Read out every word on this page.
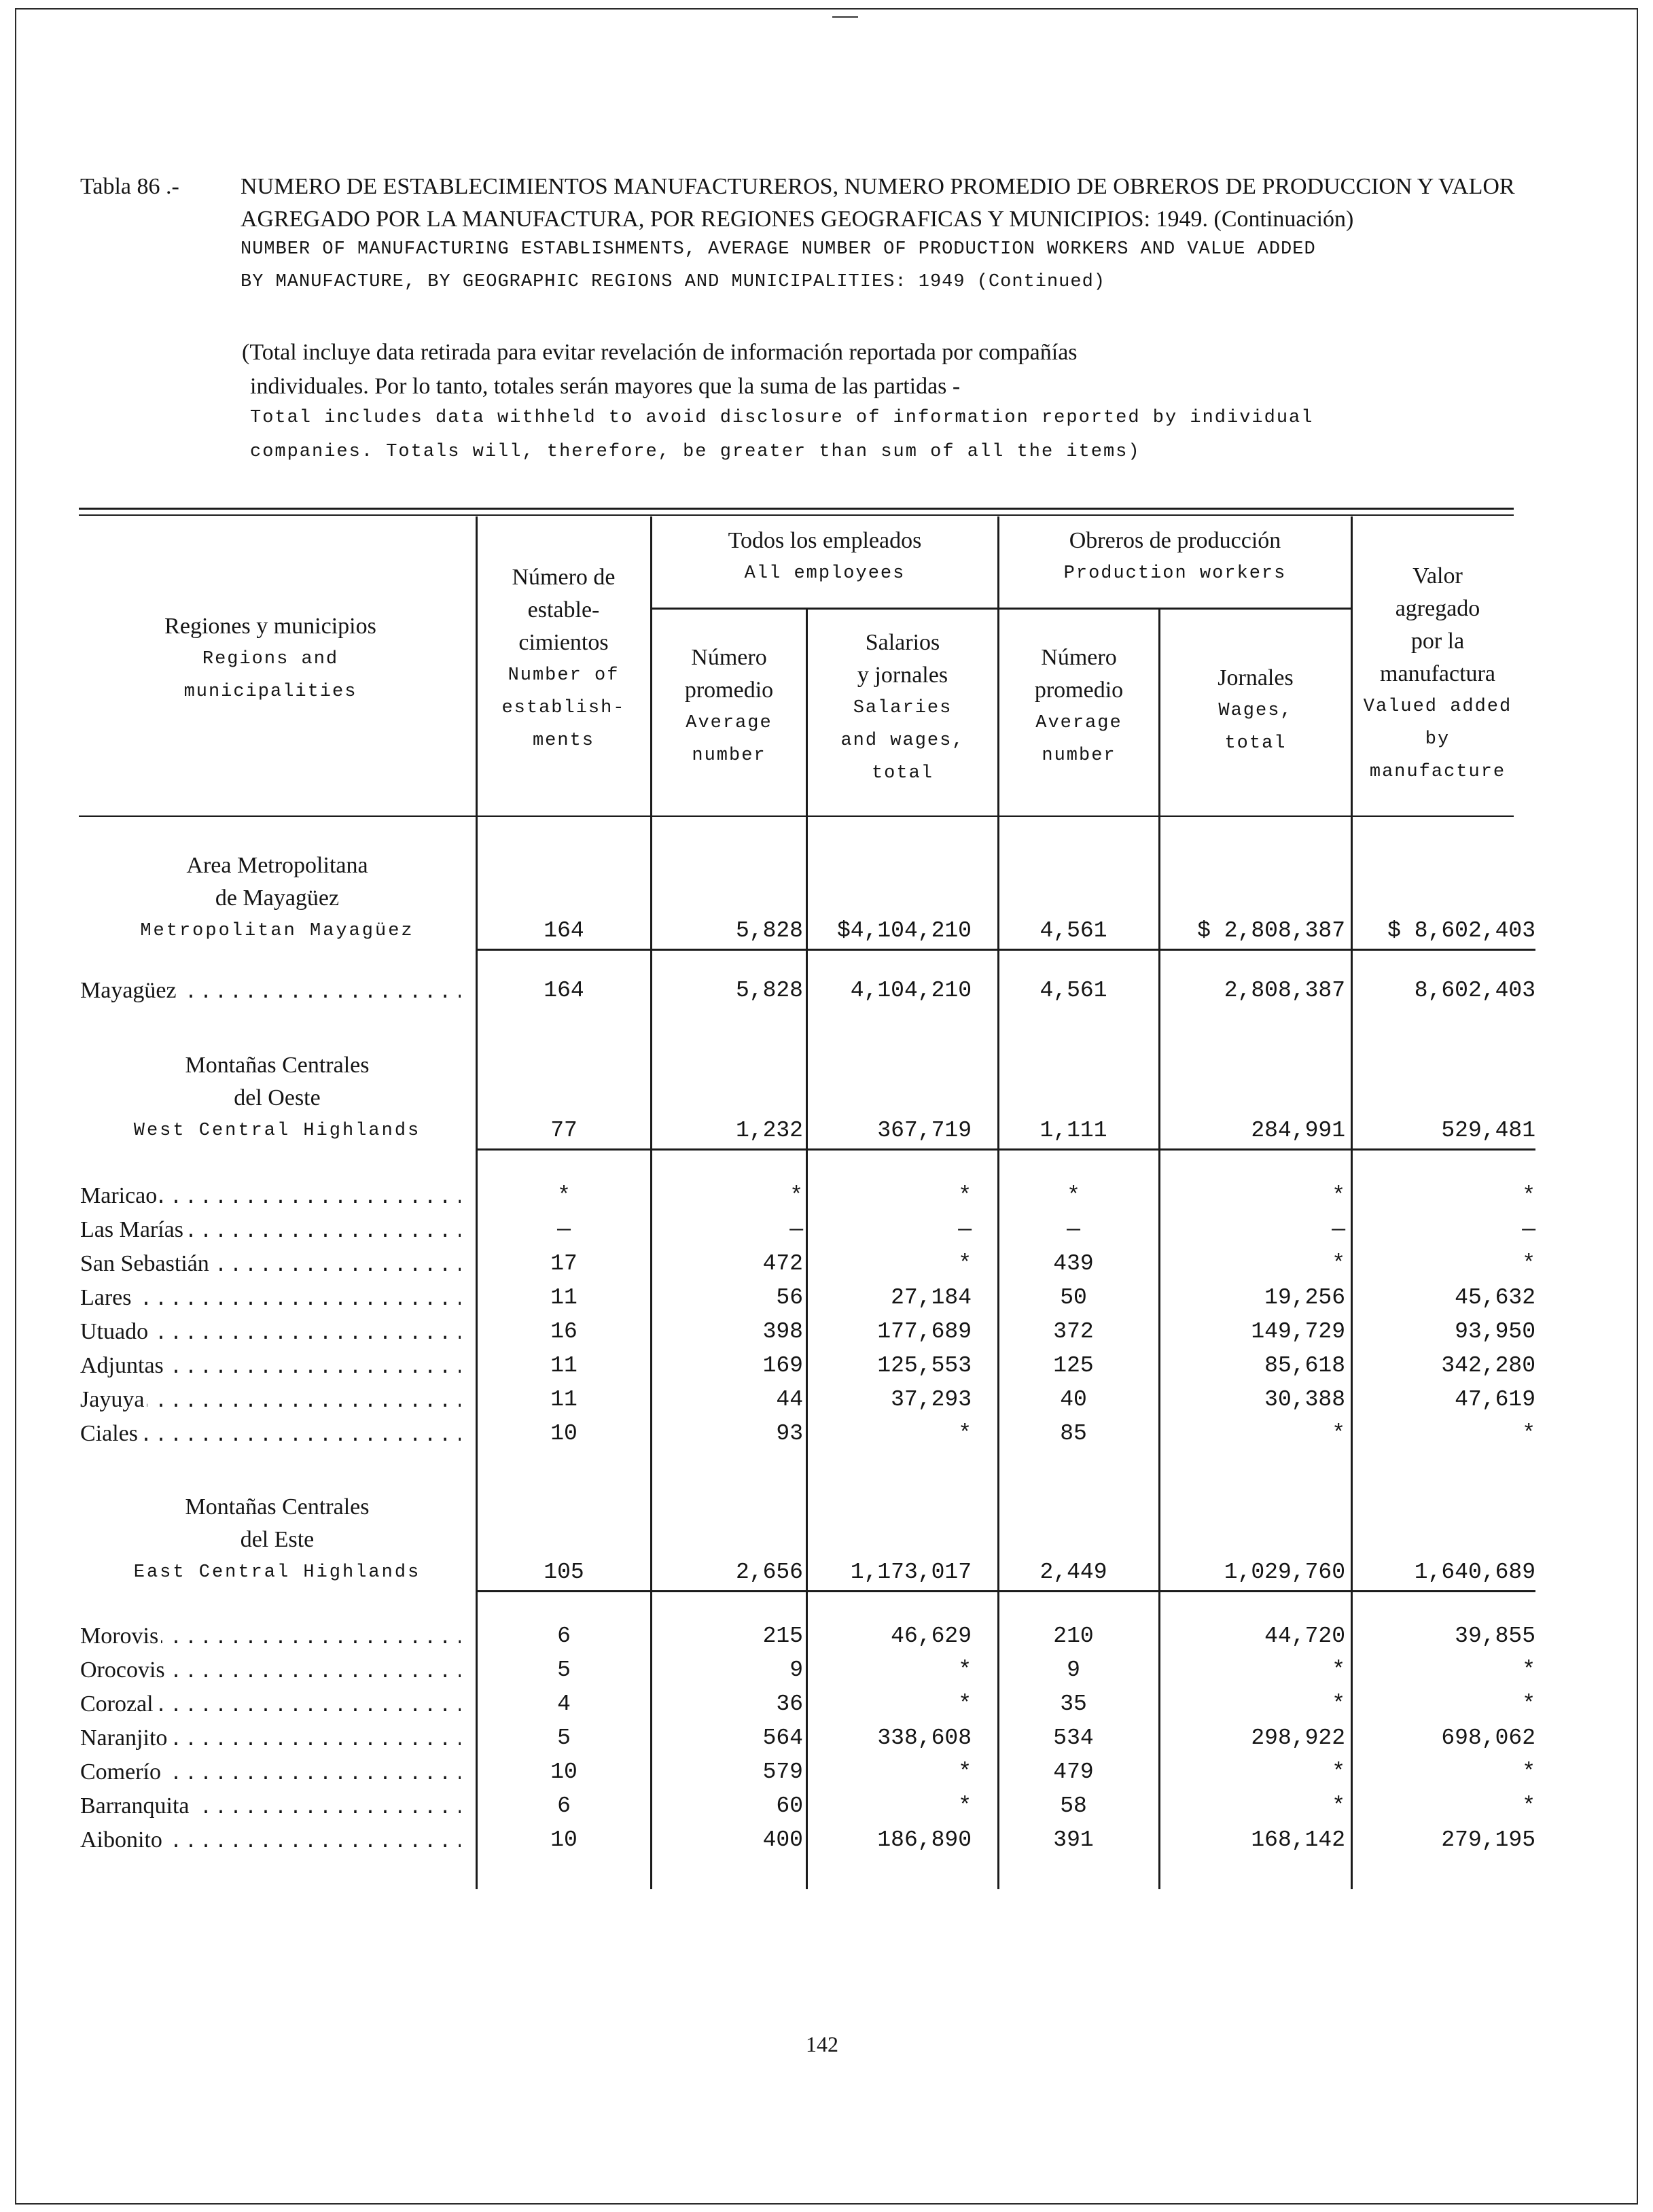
Tabla 86 .-	NUMERO DE ESTABLECIMIENTOS MANUFACTUREROS, NUMERO PROMEDIO DE OBREROS DE PRODUCCION Y VALOR
AGREGADO POR LA MANUFACTURA, POR REGIONES GEOGRAFICAS Y MUNICIPIOS: 1949. (Continuación)
NUMBER OF MANUFACTURING ESTABLISHMENTS, AVERAGE NUMBER OF PRODUCTION WORKERS AND VALUE ADDED
BY MANUFACTURE, BY GEOGRAPHIC REGIONS AND MUNICIPALITIES: 1949 (Continued)
(Total incluye data retirada para evitar revelación de información reportada por compañías
individuales. Por lo tanto, totales serán mayores que la suma de las partidas -
Total includes data withheld to avoid disclosure of information reported by individual
companies. Totals will, therefore, be greater than sum of all the items)
Regiones y municipios
Regions and
municipalities
Número de
estable-
cimientos
Number of
establish-
ments
Todos los empleados
All employees
Obreros de producción
Production workers
Número
promedio
Average
number
Salarios
y jornales
Salaries
and wages,
total
Número
promedio
Average
number
Jornales
Wages,
total
Valor
agregado
por la
manufactura
Valued added
by
manufacture
Area Metropolitana
de Mayagüez
Metropolitan Mayagüez	164	5,828	$4,104,210	4,561	$ 2,808,387	$ 8,602,403
.....
Mayagüez	164	5,828	4,104,210	4,561	2,808,387	8,602,403
Montañas Centrales
del Oeste
West Central Highlands	77	1,232	367,719	1,111	284,991	529,481
.....
Maricao	*	*	*	*	*	*
.....
Las Marías	—	—	—	—	—	—
.....
San Sebastián	17	472	*	439	*	*
.....
Lares	11	56	27,184	50	19,256	45,632
.....
Utuado	16	398	177,689	372	149,729	93,950
.....
Adjuntas	11	169	125,553	125	85,618	342,280
.....
Jayuya	11	44	37,293	40	30,388	47,619
.....
Ciales	10	93	*	85	*	*
Montañas Centrales
del Este
East Central Highlands	105	2,656	1,173,017	2,449	1,029,760	1,640,689
.....
Morovis	6	215	46,629	210	44,720	39,855
.....
Orocovis	5	9	*	9	*	*
.....
Corozal	4	36	*	35	*	*
.....
Naranjito	5	564	338,608	534	298,922	698,062
.....
Comerío	10	579	*	479	*	*
.....
Barranquita	6	60	*	58	*	*
.....
Aibonito	10	400	186,890	391	168,142	279,195
142
